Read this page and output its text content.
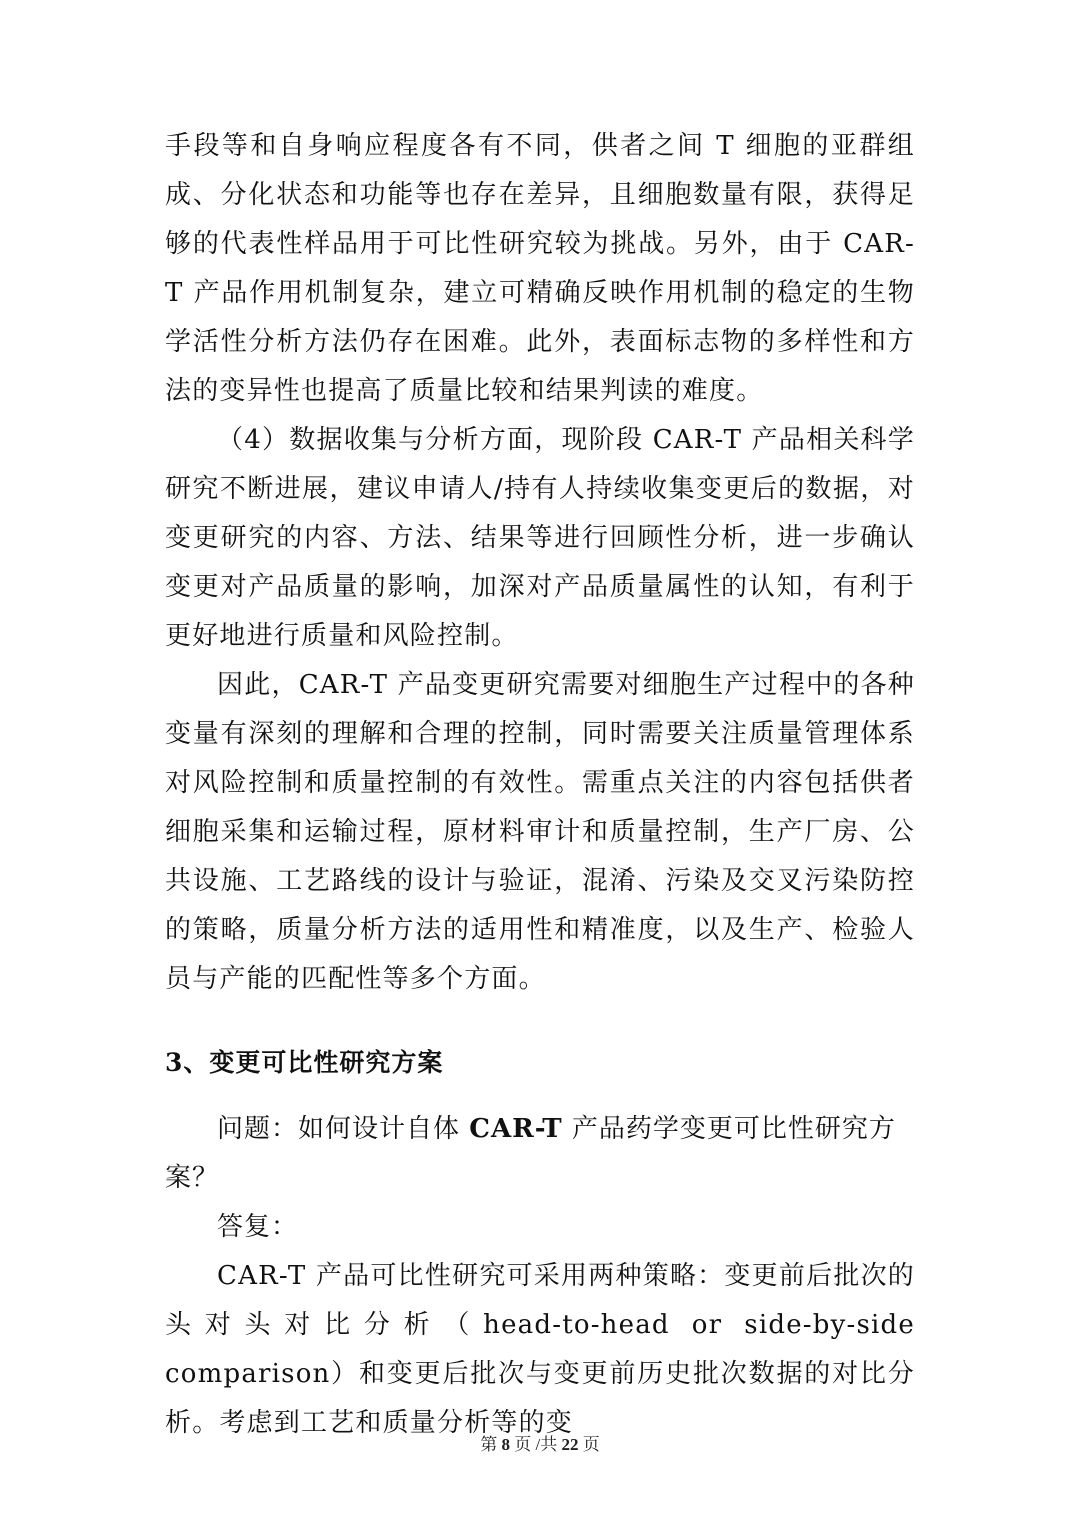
手段等和自身响应程度各有不同，供者之间 T 细胞的亚群组成、分化状态和功能等也存在差异，且细胞数量有限，获得足够的代表性样品用于可比性研究较为挑战。另外，由于 CAR-T 产品作用机制复杂，建立可精确反映作用机制的稳定的生物学活性分析方法仍存在困难。此外，表面标志物的多样性和方法的变异性也提高了质量比较和结果判读的难度。

（4）数据收集与分析方面，现阶段 CAR-T 产品相关科学研究不断进展，建议申请人/持有人持续收集变更后的数据，对变更研究的内容、方法、结果等进行回顾性分析，进一步确认变更对产品质量的影响，加深对产品质量属性的认知，有利于更好地进行质量和风险控制。

因此，CAR-T 产品变更研究需要对细胞生产过程中的各种变量有深刻的理解和合理的控制，同时需要关注质量管理体系对风险控制和质量控制的有效性。需重点关注的内容包括供者细胞采集和运输过程，原材料审计和质量控制，生产厂房、公共设施、工艺路线的设计与验证，混淆、污染及交叉污染防控的策略，质量分析方法的适用性和精准度，以及生产、检验人员与产能的匹配性等多个方面。

3、变更可比性研究方案

问题：如何设计自体 CAR-T 产品药学变更可比性研究方案？

答复：

CAR-T 产品可比性研究可采用两种策略：变更前后批次的头对头对比分析（head-to-head or side-by-side comparison）和变更后批次与变更前历史批次数据的对比分析。考虑到工艺和质量分析等的变

第 8 页 /共 22 页
